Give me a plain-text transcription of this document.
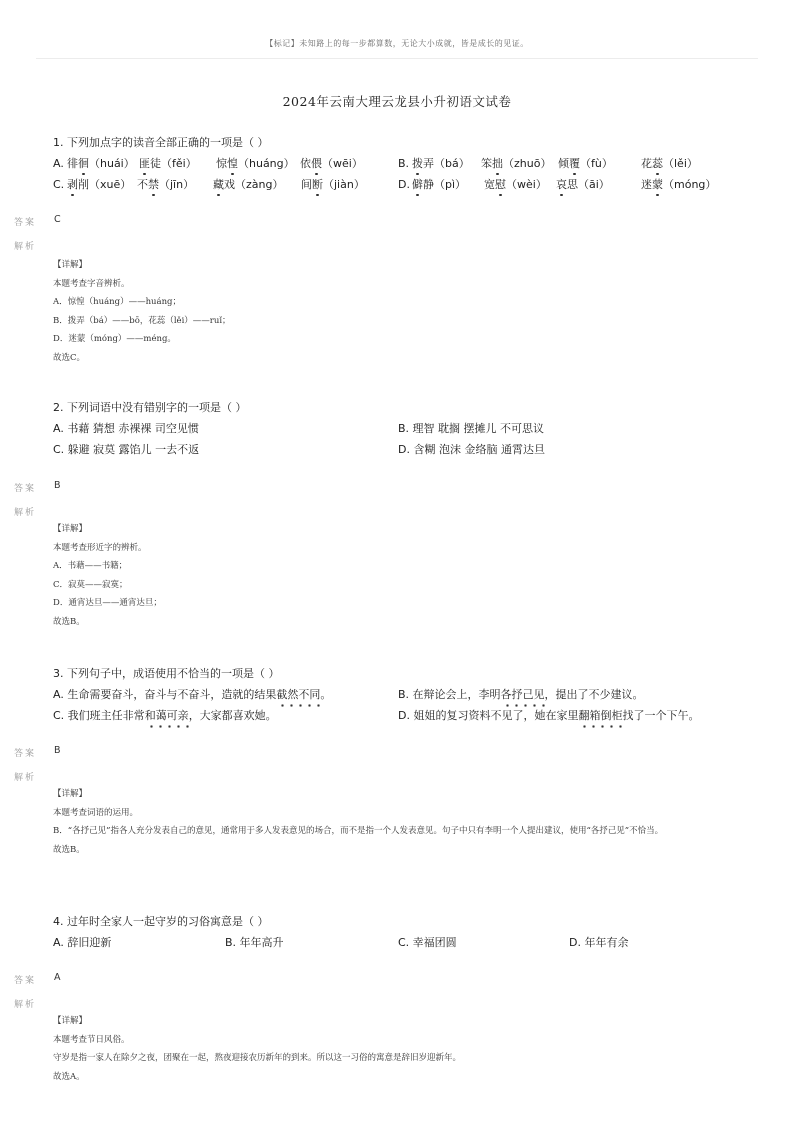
【标记】未知路上的每一步都算数，无论大小成就，皆是成长的见证。
2024年云南大理云龙县小升初语文试卷
1. 下列加点字的读音全部正确的一项是（ ）
A. 徘徊（huái） 匪徒（fěi） 惊惶（huáng） 依偎（wēi）	B. 拨弄（bá） 笨拙（zhuō） 倾覆（fù）	花蕊（lěi）
C. 剥削（xuē） 不禁（jīn） 藏戏（zàng） 间断（jiàn）	D. 僻静（pì） 宽慰（wèi） 哀思（āi）	迷蒙（móng）
答案 C
解析
【详解】
本题考查字音辨析。
A．惊惶（huáng）——huáng；
B．拨弄（bá）——bō，花蕊（lěi）——ruǐ；
D．迷蒙（móng）——méng。
故选C。
2. 下列词语中没有错别字的一项是（ ）
A. 书藉 猜想 赤裸裸 司空见惯	B. 理智 耽搁 摆摊儿 不可思议
C. 躲避 寂莫 露馅儿 一去不返	D. 含糊 泡沫 金络脑 通霄达旦
答案 B
解析
【详解】
本题考查形近字的辨析。
A．书藉——书籍；
C．寂莫——寂寞；
D．通宵达旦——通宵达旦；
故选B。
3. 下列句子中，成语使用不恰当的一项是（ ）
A. 生命需要奋斗，奋斗与不奋斗，造就的结果截然不同。	B. 在辩论会上，李明各抒己见，提出了不少建议。
C. 我们班主任非常和蔼可亲，大家都喜欢她。	D. 姐姐的复习资料不见了，她在家里翻箱倒柜找了一个下午。
答案 B
解析
【详解】
本题考查词语的运用。
B．“各抒己见”指各人充分发表自己的意见，通常用于多人发表意见的场合，而不是指一个人发表意见。句子中只有李明一个人提出建议，使用“各抒己见”不恰当。
故选B。
4. 过年时全家人一起守岁的习俗寓意是（ ）
A. 辞旧迎新	B. 年年高升	C. 幸福团圆	D. 年年有余
答案 A
解析
【详解】
本题考查节日风俗。
守岁是指一家人在除夕之夜，团聚在一起，熬夜迎接农历新年的到来。所以这一习俗的寓意是辞旧岁迎新年。
故选A。
